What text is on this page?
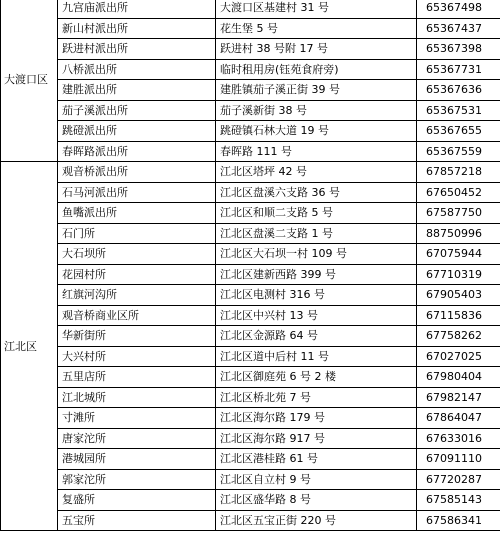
大渡口区	九宫庙派出所	大渡口区基建村 31 号	65367498
	新山村派出所	花生堡 5 号	65367437
	跃进村派出所	跃进村 38 号附 17 号	65367398
	八桥派出所	临时租用房(钰苑食府旁)	65367731
	建胜派出所	建胜镇茄子溪正街 39 号	65367636
	茄子溪派出所	茄子溪新街 38 号	65367531
	跳磴派出所	跳磴镇石林大道 19 号	65367655
	春晖路派出所	春晖路 111 号	65367559
江北区	观音桥派出所	江北区塔坪 42 号	67857218
	石马河派出所	江北区盘溪六支路 36 号	67650452
	鱼嘴派出所	江北区和顺二支路 5 号	67587750
	石门所	江北区盘溪二支路 1 号	88750996
	大石坝所	江北区大石坝一村 109 号	67075944
	花园村所	江北区建新西路 399 号	67710319
	红旗河沟所	江北区电测村 316 号	67905403
	观音桥商业区所	江北区中兴村 13 号	67115836
	华新街所	江北区金源路 64 号	67758262
	大兴村所	江北区道中后村 11 号	67027025
	五里店所	江北区御庭苑 6 号 2 楼	67980404
	江北城所	江北区桥北苑 7 号	67982147
	寸滩所	江北区海尔路 179 号	67864047
	唐家沱所	江北区海尔路 917 号	67633016
	港城园所	江北区港桂路 61 号	67091110
	郭家沱所	江北区自立村 9 号	67720287
	复盛所	江北区盛华路 8 号	67585143
	五宝所	江北区五宝正街 220 号	67586341
